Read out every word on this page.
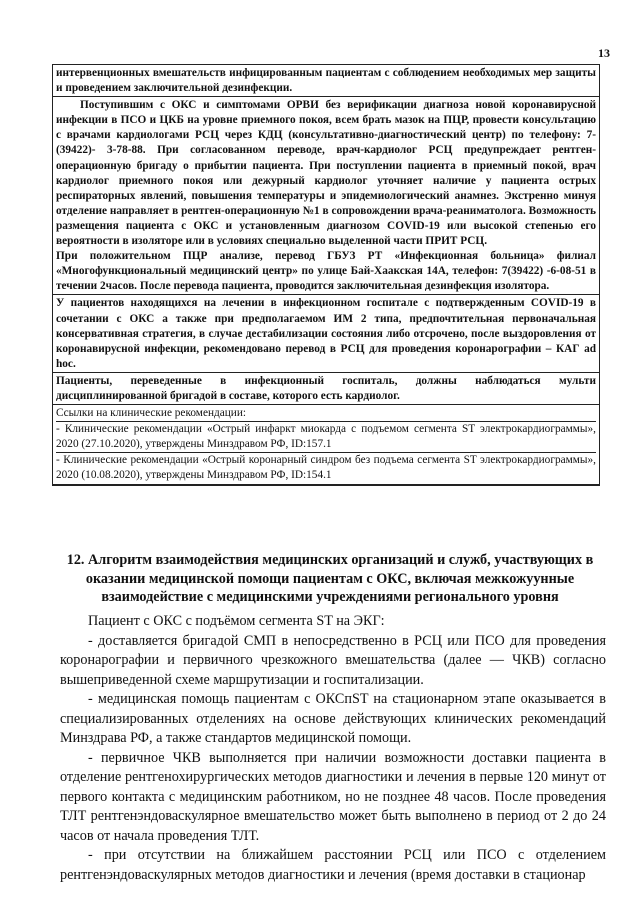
13

интервенционных вмешательств инфицированным пациентам с соблюдением необходимых мер защиты и проведением заключительной дезинфекции.

Поступившим с ОКС и симптомами ОРВИ без верификации диагноза новой коронавирусной инфекции в ПСО и ЦКБ на уровне приемного покоя, всем брать мазок на ПЦР, провести консультацию с врачами кардиологами РСЦ через КДЦ (консультативно-диагностический центр) по телефону: 7-(39422)- 3-78-88. При согласованном переводе, врач-кардиолог РСЦ предупреждает рентген- операционную бригаду о прибытии пациента. При поступлении пациента в приемный покой, врач кардиолог приемного покоя или дежурный кардиолог уточняет наличие у пациента острых респираторных явлений, повышения температуры и эпидемиологический анамнез. Экстренно минуя отделение направляет в рентген-операционную №1 в сопровождении врача-реаниматолога. Возможность размещения пациента с ОКС и установленным диагнозом COVID-19 или высокой степенью его вероятности в изоляторе или в условиях специально выделенной части ПРИТ РСЦ.

При положительном ПЦР анализе, перевод ГБУЗ РТ «Инфекционная больница» филиал «Многофункциональный медицинский центр» по улице Бай-Хаакская 14А, телефон: 7(39422) -6-08-51 в течении 2часов. После перевода пациента, проводится заключительная дезинфекция изолятора.

У пациентов находящихся на лечении в инфекционном госпитале с подтвержденным COVID-19 в сочетании с ОКС а также при предполагаемом ИМ 2 типа, предпочтительная первоначальная консервативная стратегия, в случае дестабилизации состояния либо отсрочено, после выздоровления от коронавирусной инфекции, рекомендовано перевод в РСЦ для проведения коронарографии – КАГ ad hoc.

Пациенты, переведенные в инфекционный госпиталь, должны наблюдаться мульти дисциплинированной бригадой в составе, которого есть кардиолог.

Ссылки на клинические рекомендации:
- Клинические рекомендации «Острый инфаркт миокарда с подъемом сегмента ST электрокардиограммы», 2020 (27.10.2020), утверждены Минздравом РФ, ID:157.1
- Клинические рекомендации «Острый коронарный синдром без подъема сегмента ST электрокардиограммы», 2020 (10.08.2020), утверждены Минздравом РФ, ID:154.1
12. Алгоритм взаимодействия медицинских организаций и служб, участвующих в оказании медицинской помощи пациентам с ОКС, включая межкожуунные взаимодействие с медицинскими учреждениями регионального уровня

Пациент с ОКС с подъёмом сегмента ST на ЭКГ:

- доставляется бригадой СМП в непосредственно в РСЦ или ПСО для проведения коронарографии и первичного чрезкожного вмешательства (далее — ЧКВ) согласно вышеприведенной схеме маршрутизации и госпитализации.

- медицинская помощь пациентам с ОКСпST на стационарном этапе оказывается в специализированных отделениях на основе действующих клинических рекомендаций Минздрава РФ, а также стандартов медицинской помощи.

- первичное ЧКВ выполняется при наличии возможности доставки пациента в отделение рентгенохирургических методов диагностики и лечения в первые 120 минут от первого контакта с медицинским работником, но не позднее 48 часов. После проведения ТЛТ рентгенэндоваскулярное вмешательство может быть выполнено в период от 2 до 24 часов от начала проведения ТЛТ.

- при отсутствии на ближайшем расстоянии РСЦ или ПСО с отделением рентгенэндоваскулярных методов диагностики и лечения (время доставки в стационар
